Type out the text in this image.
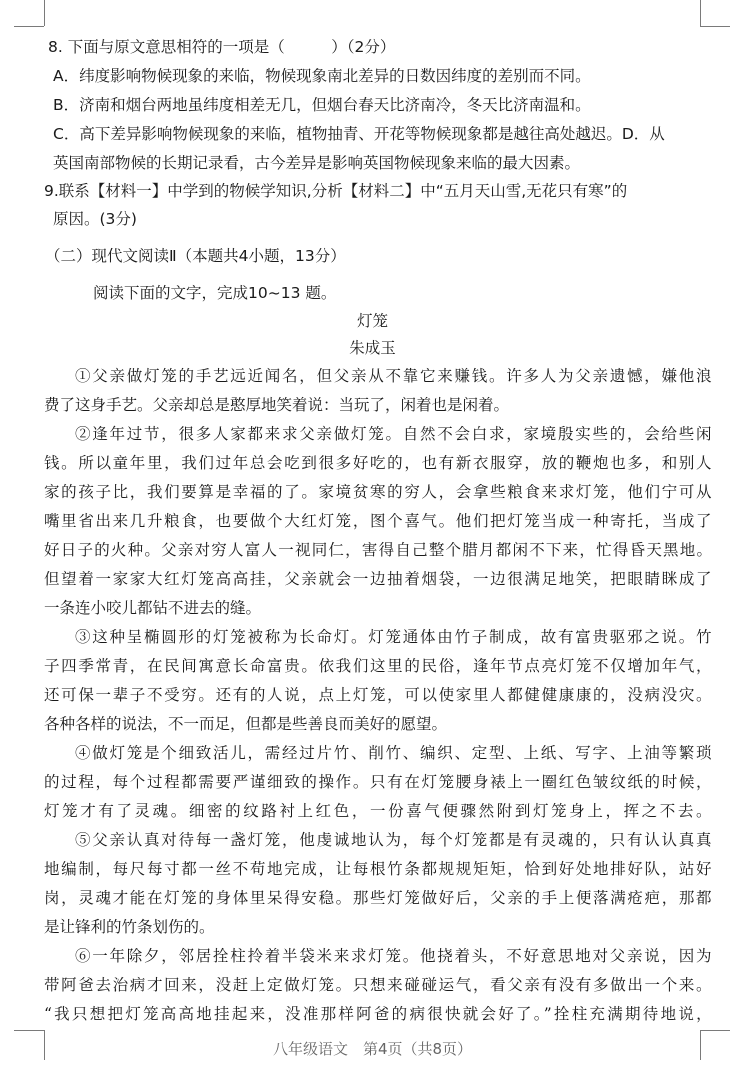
8. 下面与原文意思相符的一项是（　　　）（2分）
A．纬度影响物候现象的来临，物候现象南北差异的日数因纬度的差别而不同。
B．济南和烟台两地虽纬度相差无几，但烟台春天比济南冷，冬天比济南温和。
C．高下差异影响物候现象的来临，植物抽青、开花等物候现象都是越往高处越迟。D．从
英国南部物候的长期记录看，古今差异是影响英国物候现象来临的最大因素。
9.联系【材料一】中学到的物候学知识,分析【材料二】中“五月天山雪,无花只有寒”的
原因。(3分)
（二）现代文阅读Ⅱ（本题共4小题，13分）
阅读下面的文字，完成10~13 题。
灯笼
朱成玉
①父亲做灯笼的手艺远近闻名，但父亲从不靠它来赚钱。许多人为父亲遗憾，嫌他浪
费了这身手艺。父亲却总是憨厚地笑着说：当玩了，闲着也是闲着。
②逢年过节，很多人家都来求父亲做灯笼。自然不会白求，家境殷实些的，会给些闲
钱。所以童年里，我们过年总会吃到很多好吃的，也有新衣服穿，放的鞭炮也多，和别人
家的孩子比，我们要算是幸福的了。家境贫寒的穷人，会拿些粮食来求灯笼，他们宁可从
嘴里省出来几升粮食，也要做个大红灯笼，图个喜气。他们把灯笼当成一种寄托，当成了
好日子的火种。父亲对穷人富人一视同仁，害得自己整个腊月都闲不下来，忙得昏天黑地。
但望着一家家大红灯笼高高挂，父亲就会一边抽着烟袋，一边很满足地笑，把眼睛眯成了
一条连小咬儿都钻不进去的缝。
③这种呈椭圆形的灯笼被称为长命灯。灯笼通体由竹子制成，故有富贵驱邪之说。竹
子四季常青，在民间寓意长命富贵。依我们这里的民俗，逢年节点亮灯笼不仅增加年气，
还可保一辈子不受穷。还有的人说，点上灯笼，可以使家里人都健健康康的，没病没灾。
各种各样的说法，不一而足，但都是些善良而美好的愿望。
④做灯笼是个细致活儿，需经过片竹、削竹、编织、定型、上纸、写字、上油等繁琐
的过程，每个过程都需要严谨细致的操作。只有在灯笼腰身裱上一圈红色皱纹纸的时候，
灯笼才有了灵魂。细密的纹路衬上红色，一份喜气便骤然附到灯笼身上，挥之不去。
⑤父亲认真对待每一盏灯笼，他虔诚地认为，每个灯笼都是有灵魂的，只有认认真真
地编制，每尺每寸都一丝不苟地完成，让每根竹条都规规矩矩，恰到好处地排好队，站好
岗，灵魂才能在灯笼的身体里呆得安稳。那些灯笼做好后，父亲的手上便落满疮疤，那都
是让锋利的竹条划伤的。
⑥一年除夕，邻居拴柱拎着半袋米来求灯笼。他挠着头，不好意思地对父亲说，因为
带阿爸去治病才回来，没赶上定做灯笼。只想来碰碰运气，看父亲有没有多做出一个来。
“我只想把灯笼高高地挂起来，没准那样阿爸的病很快就会好了。”拴柱充满期待地说，
八年级语文　第4页（共8页）
